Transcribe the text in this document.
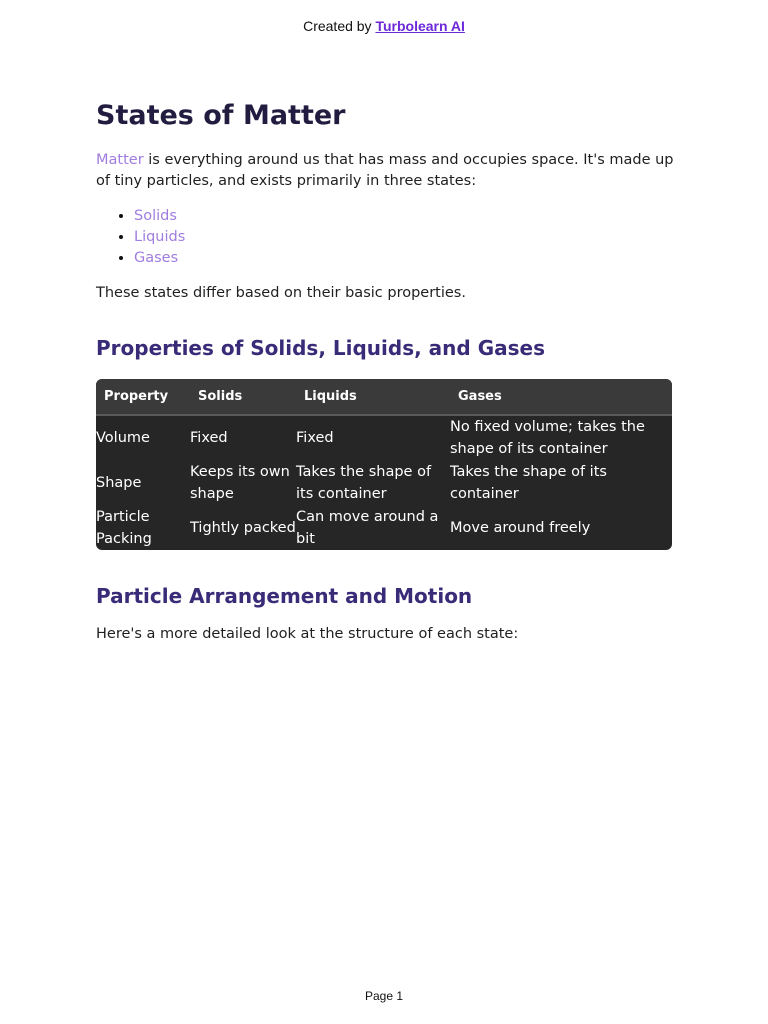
Created by Turbolearn AI
States of Matter

Matter is everything around us that has mass and occupies space. It's made up of tiny particles, and exists primarily in three states:

• Solids
• Liquids
• Gases

These states differ based on their basic properties.

Properties of Solids, Liquids, and Gases
Property	Solids	Liquids	Gases
Volume	Fixed	Fixed	No fixed volume; takes the shape of its container
Shape	Keeps its own shape	Takes the shape of its container	Takes the shape of its container
Particle Packing	Tightly packed	Can move around a bit	Move around freely
Particle Arrangement and Motion

Here's a more detailed look at the structure of each state:

Page 1
